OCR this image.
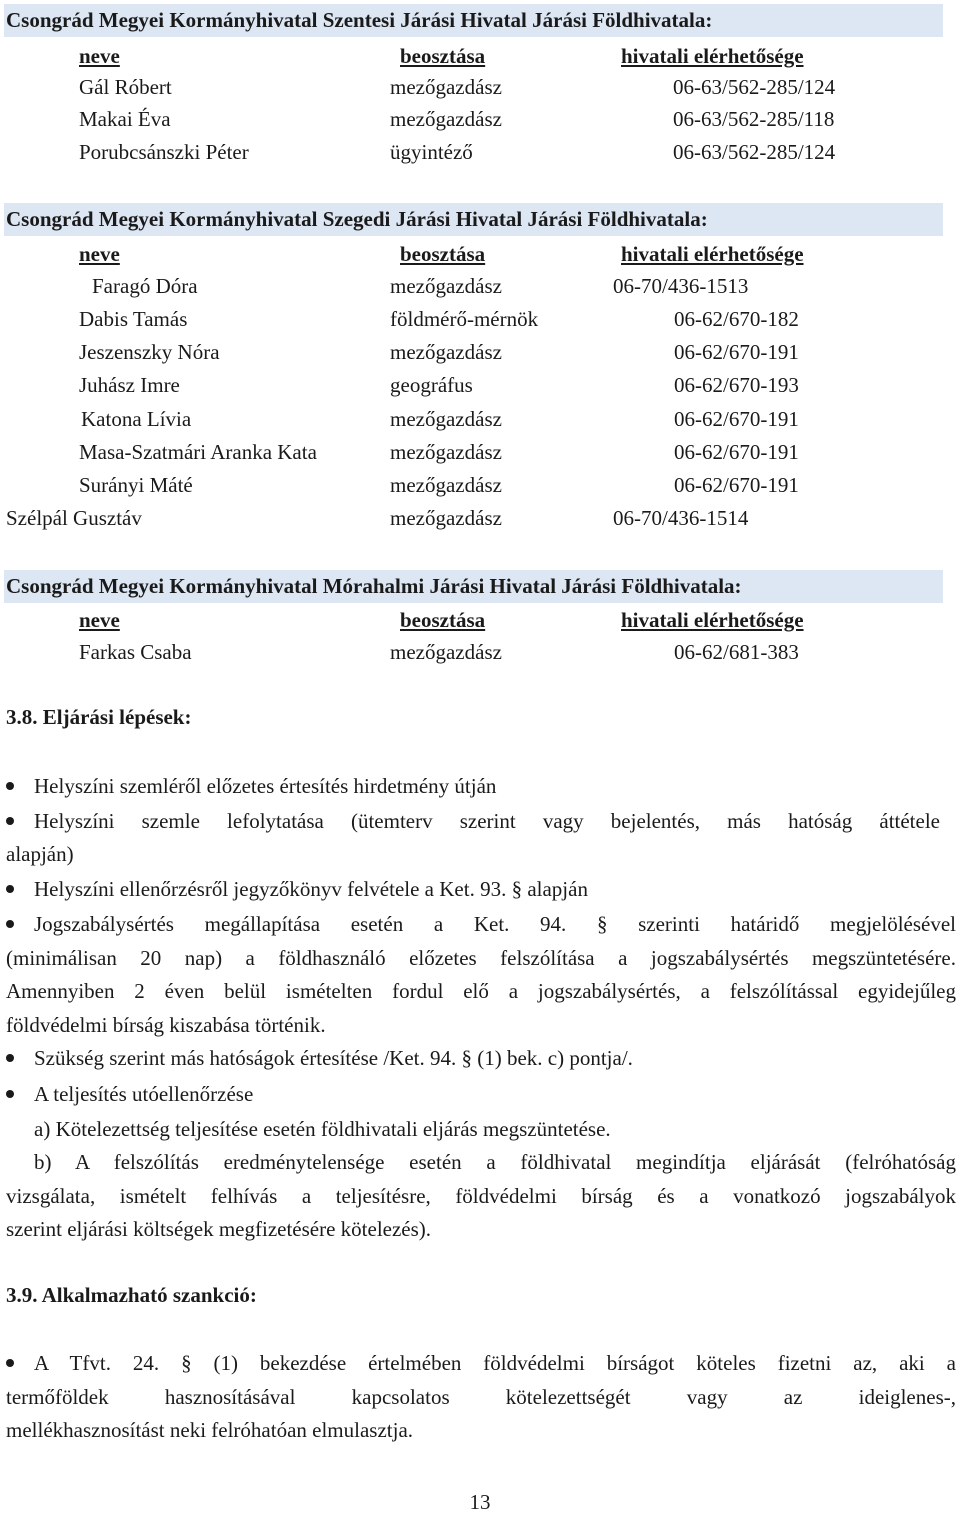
Csongrád Megyei Kormányhivatal Szentesi Járási Hivatal Járási Földhivatala:
neve	beosztása	hivatali elérhetősége
Gál Róbert	mezőgazdász	06-63/562-285/124
Makai Éva	mezőgazdász	06-63/562-285/118
Porubcsánszki Péter	ügyintéző	06-63/562-285/124
Csongrád Megyei Kormányhivatal Szegedi Járási Hivatal Járási Földhivatala:
neve	beosztása	hivatali elérhetősége
Faragó Dóra	mezőgazdász	06-70/436-1513
Dabis Tamás	földmérő-mérnök	06-62/670-182
Jeszenszky Nóra	mezőgazdász	06-62/670-191
Juhász Imre	geográfus	06-62/670-193
Katona Lívia	mezőgazdász	06-62/670-191
Masa-Szatmári Aranka Kata	mezőgazdász	06-62/670-191
Surányi Máté	mezőgazdász	06-62/670-191
Szélpál Gusztáv	mezőgazdász	06-70/436-1514
Csongrád Megyei Kormányhivatal Mórahalmi Járási Hivatal Járási Földhivatala:
neve	beosztása	hivatali elérhetősége
Farkas Csaba	mezőgazdász	06-62/681-383
3.8. Eljárási lépések:
Helyszíni szemléről előzetes értesítés hirdetmény útján
Helyszíni szemle lefolytatása (ütemterv szerint vagy bejelentés, más hatóság áttétele
alapján)
Helyszíni ellenőrzésről jegyzőkönyv felvétele a Ket. 93. § alapján
Jogszabálysértés megállapítása esetén a Ket. 94. § szerinti határidő megjelölésével
(minimálisan 20 nap) a földhasználó előzetes felszólítása a jogszabálysértés megszüntetésére.
Amennyiben 2 éven belül ismételten fordul elő a jogszabálysértés, a felszólítással egyidejűleg
földvédelmi bírság kiszabása történik.
Szükség szerint más hatóságok értesítése /Ket. 94. § (1) bek. c) pontja/.
A teljesítés utóellenőrzése
a) Kötelezettség teljesítése esetén földhivatali eljárás megszüntetése.
b) A felszólítás eredménytelensége esetén a földhivatal megindítja eljárását (felróhatóság
vizsgálata, ismételt felhívás a teljesítésre, földvédelmi bírság és a vonatkozó jogszabályok
szerint eljárási költségek megfizetésére kötelezés).
3.9. Alkalmazható szankció:
A Tfvt. 24. § (1) bekezdése értelmében földvédelmi bírságot köteles fizetni az, aki a
termőföldek hasznosításával kapcsolatos kötelezettségét vagy az ideiglenes-,
mellékhasznosítást neki felróhatóan elmulasztja.
13
